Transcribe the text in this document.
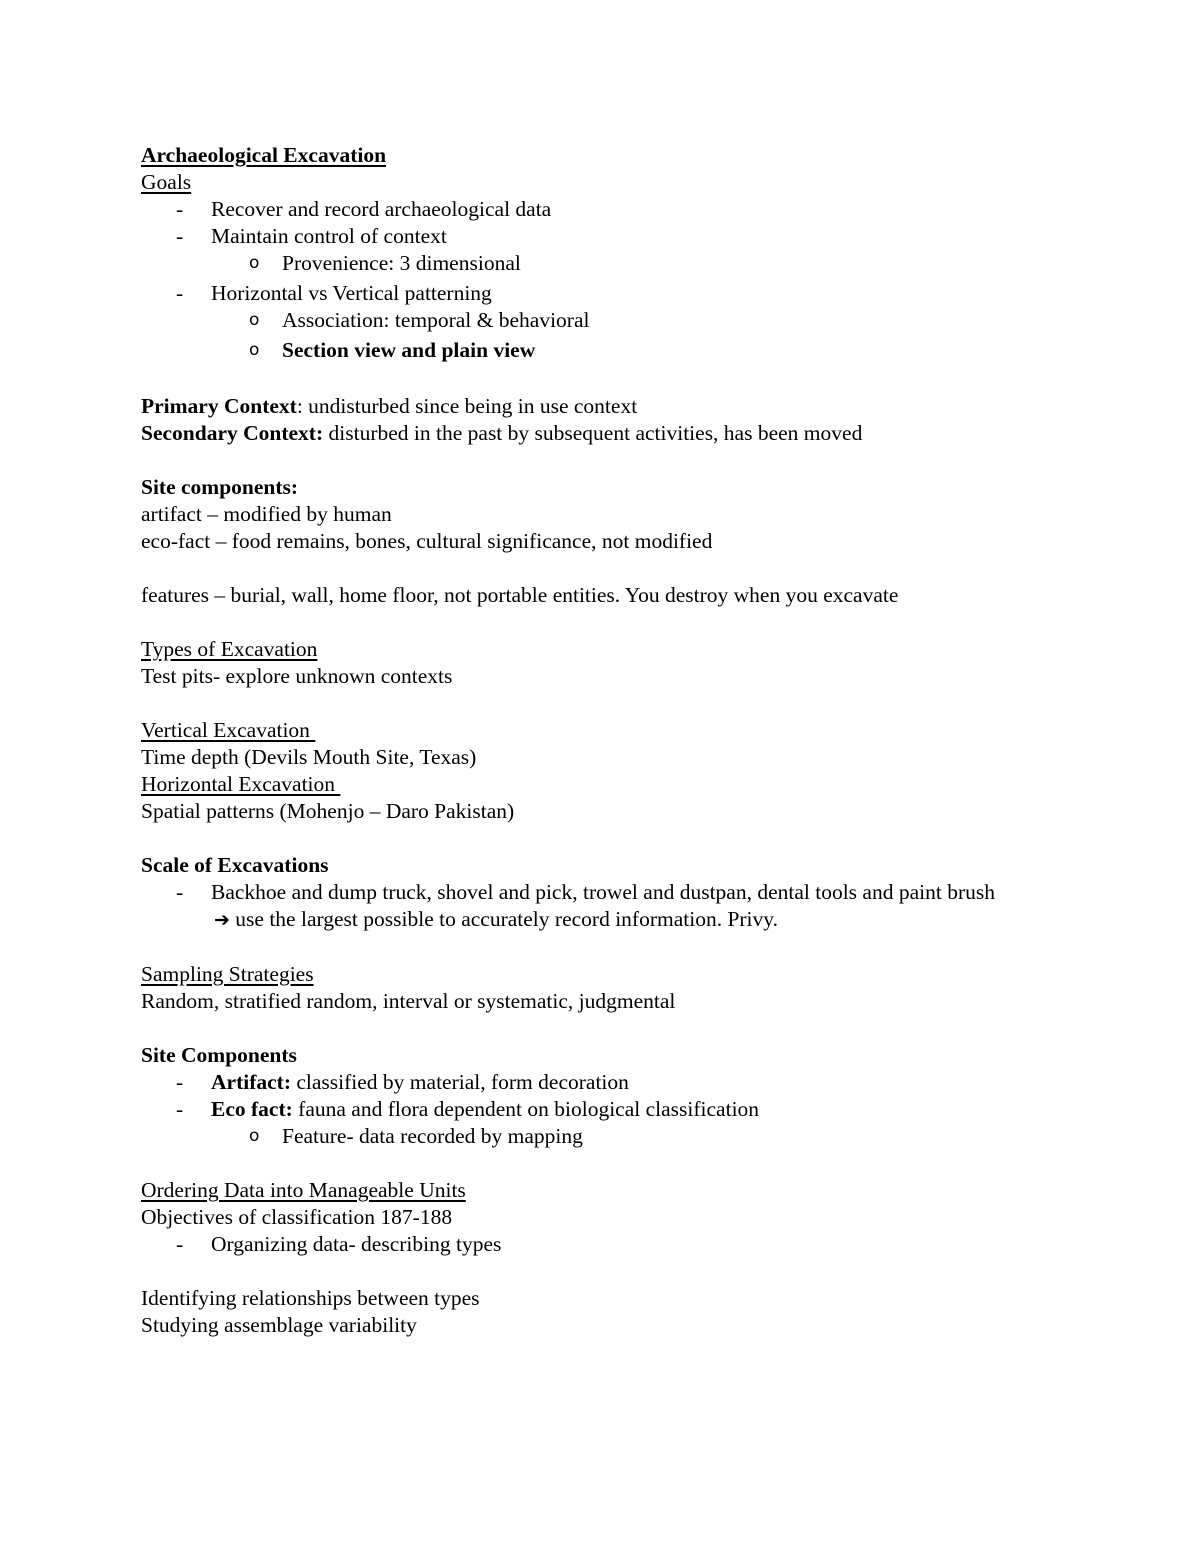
Archaeological Excavation
Goals
- Recover and record archaeological data
- Maintain control of context
o Provenience: 3 dimensional
- Horizontal vs Vertical patterning
o Association: temporal & behavioral
o Section view and plain view
Primary Context: undisturbed since being in use context
Secondary Context: disturbed in the past by subsequent activities, has been moved
Site components:
artifact – modified by human
eco-fact – food remains, bones, cultural significance, not modified
features – burial, wall, home floor, not portable entities. You destroy when you excavate
Types of Excavation
Test pits- explore unknown contexts
Vertical Excavation
Time depth (Devils Mouth Site, Texas)
Horizontal Excavation
Spatial patterns (Mohenjo – Daro Pakistan)
Scale of Excavations
- Backhoe and dump truck, shovel and pick, trowel and dustpan, dental tools and paint brush
➔ use the largest possible to accurately record information. Privy.
Sampling Strategies
Random, stratified random, interval or systematic, judgmental
Site Components
- Artifact: classified by material, form decoration
- Eco fact: fauna and flora dependent on biological classification
o Feature- data recorded by mapping
Ordering Data into Manageable Units
Objectives of classification 187-188
- Organizing data- describing types
Identifying relationships between types
Studying assemblage variability
